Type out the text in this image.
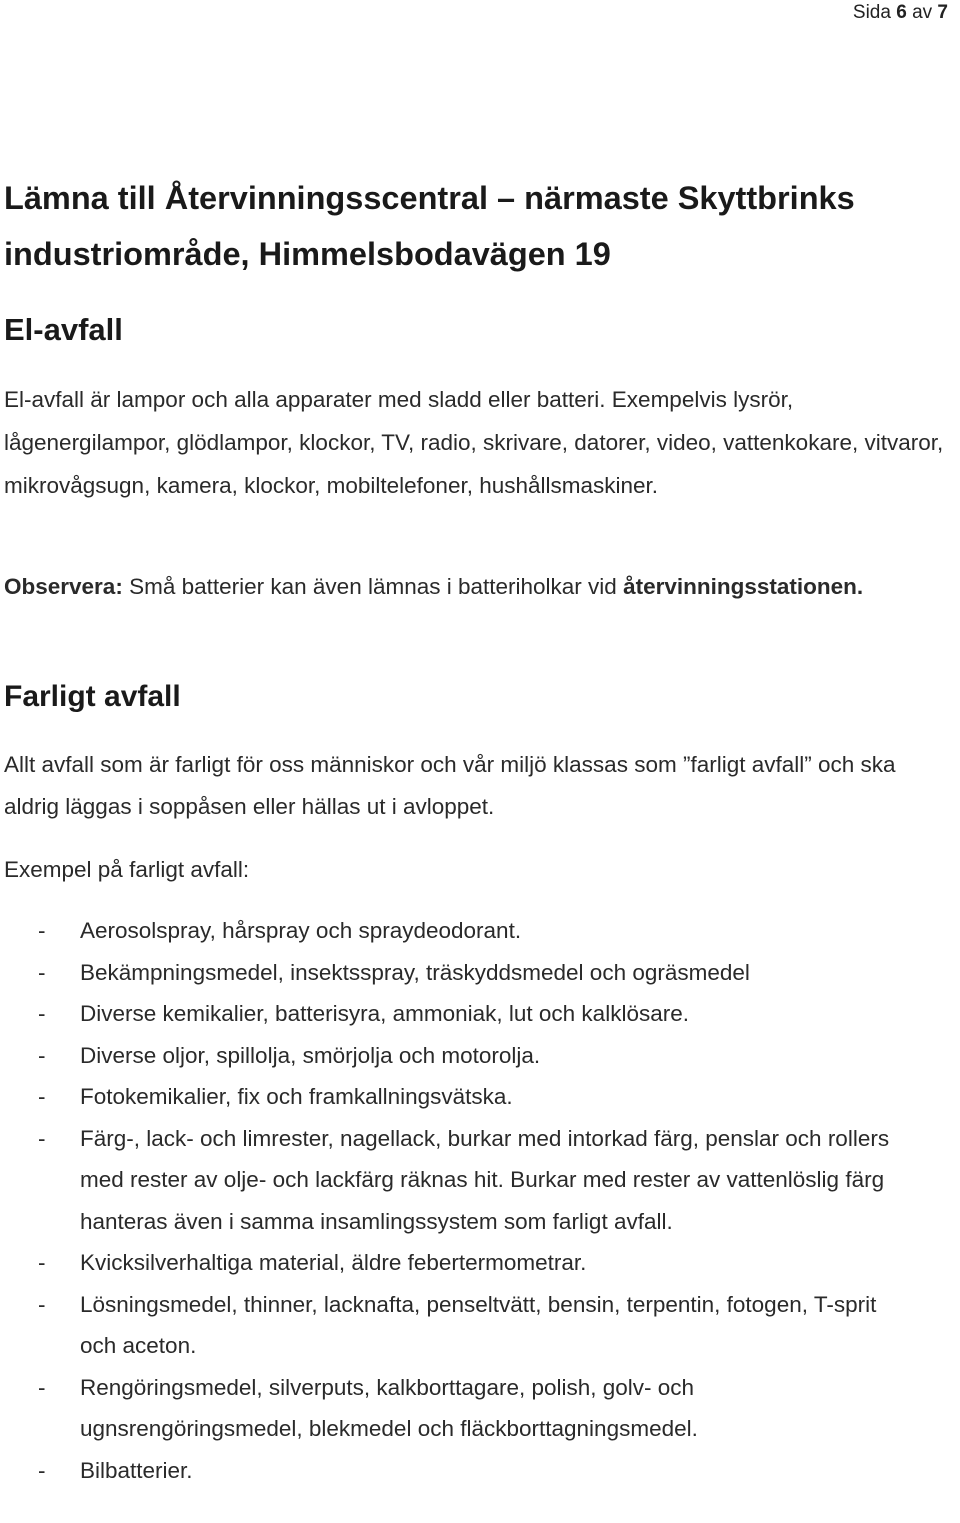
Sida 6 av 7
Lämna till Återvinningsscentral – närmaste Skyttbrinks industriområde, Himmelsbodavägen 19
El-avfall

El-avfall är lampor och alla apparater med sladd eller batteri. Exempelvis lysrör, lågenergilampor, glödlampor, klockor, TV, radio, skrivare, datorer, video, vattenkokare, vitvaror, mikrovågsugn, kamera, klockor, mobiltelefoner, hushållsmaskiner.

Observera: Små batterier kan även lämnas i batteriholkar vid återvinningsstationen.

Farligt avfall

Allt avfall som är farligt för oss människor och vår miljö klassas som ”farligt avfall” och ska aldrig läggas i soppåsen eller hällas ut i avloppet.

Exempel på farligt avfall:

- Aerosolspray, hårspray och spraydeodorant.
- Bekämpningsmedel, insektsspray, träskyddsmedel och ogräsmedel
- Diverse kemikalier, batterisyra, ammoniak, lut och kalklösare.
- Diverse oljor, spillolja, smörjolja och motorolja.
- Fotokemikalier, fix och framkallningsvätska.
- Färg-, lack- och limrester, nagellack, burkar med intorkad färg, penslar och rollers med rester av olje- och lackfärg räknas hit. Burkar med rester av vattenlöslig färg hanteras även i samma insamlingssystem som farligt avfall.
- Kvicksilverhaltiga material, äldre febertermometrar.
- Lösningsmedel, thinner, lacknafta, penseltvätt, bensin, terpentin, fotogen, T-sprit och aceton.
- Rengöringsmedel, silverputs, kalkborttagare, polish, golv- och ugnsrengöringsmedel, blekmedel och fläckborttagningsmedel.
- Bilbatterier.
